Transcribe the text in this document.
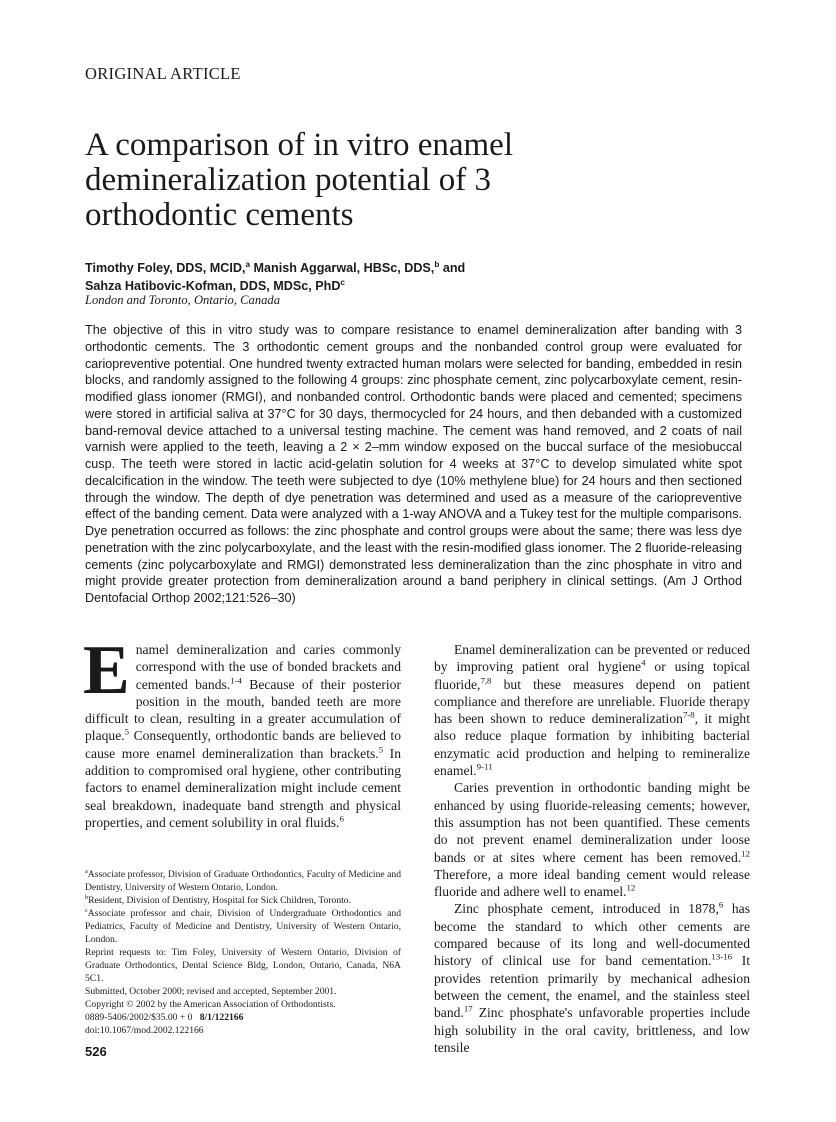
ORIGINAL ARTICLE
A comparison of in vitro enamel demineralization potential of 3 orthodontic cements
Timothy Foley, DDS, MCID,$^a$ Manish Aggarwal, HBSc, DDS,$^b$ and
Sahza Hatibovic-Kofman, DDS, MDSc, PhD$^c$
London and Toronto, Ontario, Canada
The objective of this in vitro study was to compare resistance to enamel demineralization after banding with 3 orthodontic cements. The 3 orthodontic cement groups and the nonbanded control group were evaluated for cariopreventive potential. One hundred twenty extracted human molars were selected for banding, embedded in resin blocks, and randomly assigned to the following 4 groups: zinc phosphate cement, zinc polycarboxylate cement, resin-modified glass ionomer (RMGI), and nonbanded control. Orthodontic bands were placed and cemented; specimens were stored in artificial saliva at 37°C for 30 days, thermocycled for 24 hours, and then debanded with a customized band-removal device attached to a universal testing machine. The cement was hand removed, and 2 coats of nail varnish were applied to the teeth, leaving a 2 × 2–mm window exposed on the buccal surface of the mesiobuccal cusp. The teeth were stored in lactic acid-gelatin solution for 4 weeks at 37°C to develop simulated white spot decalcification in the window. The teeth were subjected to dye (10% methylene blue) for 24 hours and then sectioned through the window. The depth of dye penetration was determined and used as a measure of the cariopreventive effect of the banding cement. Data were analyzed with a 1-way ANOVA and a Tukey test for the multiple comparisons. Dye penetration occurred as follows: the zinc phosphate and control groups were about the same; there was less dye penetration with the zinc polycarboxylate, and the least with the resin-modified glass ionomer. The 2 fluoride-releasing cements (zinc polycarboxylate and RMGI) demonstrated less demineralization than the zinc phosphate in vitro and might provide greater protection from demineralization around a band periphery in clinical settings. (Am J Orthod Dentofacial Orthop 2002;121:526–30)

Enamel demineralization and caries commonly correspond with the use of bonded brackets and cemented bands.$^{1-4}$ Because of their posterior position in the mouth, banded teeth are more difficult to clean, resulting in a greater accumulation of plaque.$^5$ Consequently, orthodontic bands are believed to cause more enamel demineralization than brackets.$^5$ In addition to compromised oral hygiene, other contributing factors to enamel demineralization might include cement seal breakdown, inadequate band strength and physical properties, and cement solubility in oral fluids.$^6$

$^a$Associate professor, Division of Graduate Orthodontics, Faculty of Medicine and Dentistry, University of Western Ontario, London.
$^b$Resident, Division of Dentistry, Hospital for Sick Children, Toronto.
$^c$Associate professor and chair, Division of Undergraduate Orthodontics and Pediatrics, Faculty of Medicine and Dentistry, University of Western Ontario, London.
Reprint requests to: Tim Foley, University of Western Ontario, Division of Graduate Orthodontics, Dental Science Bldg, London, Ontario, Canada, N6A 5C1.
Submitted, October 2000; revised and accepted, September 2001.
Copyright © 2002 by the American Association of Orthodontists.
0889-5406/2002/$35.00 + 0 8/1/122166
doi:10.1067/mod.2002.122166
526

Enamel demineralization can be prevented or reduced by improving patient oral hygiene$^4$ or using topical fluoride,$^{7,8}$ but these measures depend on patient compliance and therefore are unreliable. Fluoride therapy has been shown to reduce demineralization$^{7-8}$, it might also reduce plaque formation by inhibiting bacterial enzymatic acid production and helping to remineralize enamel.$^{9-11}$

Caries prevention in orthodontic banding might be enhanced by using fluoride-releasing cements; however, this assumption has not been quantified. These cements do not prevent enamel demineralization under loose bands or at sites where cement has been removed.$^{12}$ Therefore, a more ideal banding cement would release fluoride and adhere well to enamel.$^{12}$

Zinc phosphate cement, introduced in 1878,$^6$ has become the standard to which other cements are compared because of its long and well-documented history of clinical use for band cementation.$^{13-16}$ It provides retention primarily by mechanical adhesion between the cement, the enamel, and the stainless steel band.$^{17}$ Zinc phosphate's unfavorable properties include high solubility in the oral cavity, brittleness, and low tensile
